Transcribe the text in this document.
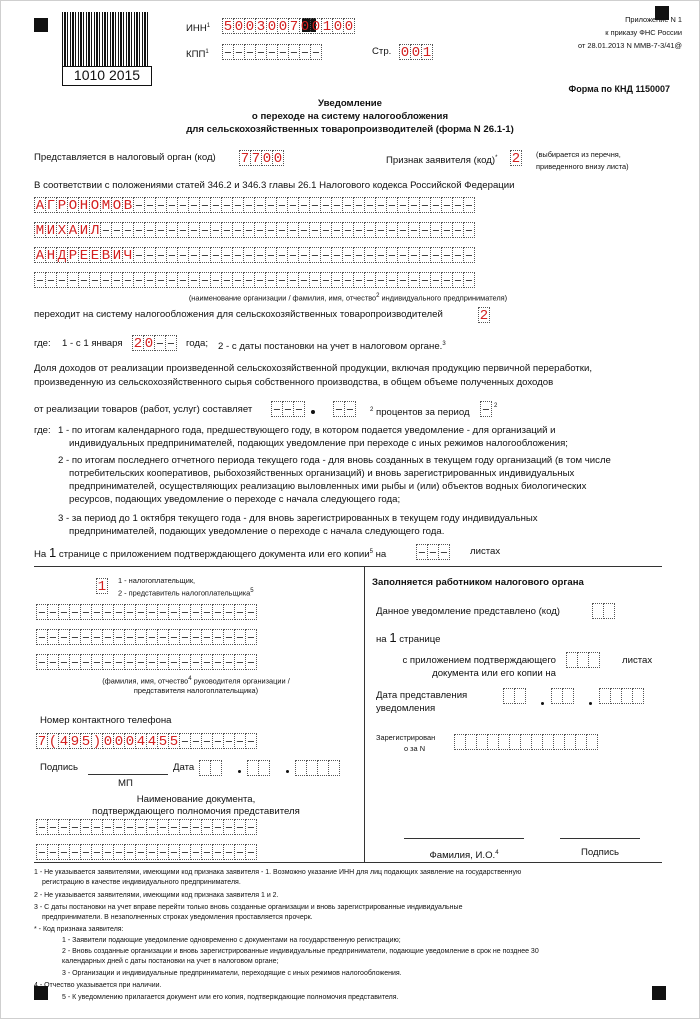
1010 2015
ИНН$^1$ 5 0 0 3 0 0 7 0 0 1 0 0
КПП$^1$ – – – – – – – – –	Стр. 0 0 1
Приложение N 1
к приказу ФНС России
от 28.01.2013 N ММВ-7-3/41@
Форма по КНД 1150007
Уведомление
о переходе на систему налогообложения
для сельскохозяйственных товаропроизводителей (форма N 26.1-1)
Представляется в налоговый орган (код) 7 7 0 0	Признак заявителя (код)* 2 (выбирается из перечня,
приведенного внизу листа)
В соответствии с положениями статей 346.2 и 346.3 главы 26.1 Налогового кодекса Российской Федерации
А Г Р О Н О М О В
–
–
–
–
–
–
–
–
–
–
–
–
–
–
–
–
–
–
–
–
–
–
–
–
–
–
–
–
–
–
–
М И Х А И Л
–
–
–
–
–
–
–
–
–
–
–
–
–
–
–
–
–
–
–
–
–
–
–
–
–
–
–
–
–
–
–
–
–
–
А Н Д Р Е Е В И Ч
–
–
–
–
–
–
–
–
–
–
–
–
–
–
–
–
–
–
–
–
–
–
–
–
–
–
–
–
–
–
–
–
–
–
–
–
–
–
–
–
–
–
–
–
–
–
–
–
–
–
–
–
–
–
–
–
–
–
–
–
–
–
–
–
–
–
–
–
–
–
–
(наименование организации / фамилия, имя, отчество$^2$ индивидуального предпринимателя)
переходит на систему налогообложения для сельскохозяйственных товаропроизводителей	2
где: 1 - с 1 января 2 0 – –	года; 2 - с даты постановки на учет в налоговом органе.$^3$
Доля доходов от реализации произведенной сельскохозяйственной продукции, включая продукцию первичной переработки,
произведенную из сельскохозяйственного сырья собственного производства, в общем объеме полученных доходов
от реализации товаров (работ, услуг) составляет – – – – –	$^2$ процентов за период
–
$^2$
где: 1 - по итогам календарного года, предшествующего году, в котором подается уведомление - для организаций и
индивидуальных предпринимателей, подающих уведомление при переходе с иных режимов налогообложения;
2 - по итогам последнего отчетного периода текущего года - для вновь созданных в текущем году организаций (в том числе
потребительских кооперативов, рыбохозяйственных организаций) и вновь зарегистрированных индивидуальных
предпринимателей, осуществляющих реализацию выловленных ими рыбы и (или) объектов водных биологических
ресурсов, подающих уведомление о переходе с начала следующего года;
3 - за период до 1 октября текущего года - для вновь зарегистрированных в текущем году индивидуальных
предпринимателей, подающих уведомление о переходе с начала следующего года.
На 1 странице с приложением подтверждающего документа или его копии$^5$ на – – –	листах
1 1 - налогоплательщик,
2 - представитель налогоплательщика$^5$
–
–
–
–
–
–
–
–
–
–
–
–
–
–
–
–
–
–
–
–
–
–
–
–
–
–
–
–
–
–
–
–
–
–
–
–
–
–
–
–
–
–
–
–
–
–
–
–
–
–
–
–
–
–
–
–
–
–
–
–
(фамилия, имя, отчество$^4$ руководителя организации /
представителя налогоплательщика)
Номер контактного телефона
7 ( 4 9 5 ) 0 0 0 4 4 5 5
–
–
–
–
–
–
–
Подпись	Дата
МП
Наименование документа,
подтверждающего полномочия представителя
–
–
–
–
–
–
–
–
–
–
–
–
–
–
–
–
–
–
–
–
–
–
–
–
–
–
–
–
–
–
–
–
–
–
–
–
–
–
–
–
Заполняется работником налогового органа
Данное уведомление представлено (код)
на 1 странице
с приложением подтверждающего
документа или его копии на
листах
Дата представления
уведомления
Зарегистрирован
о за N
Фамилия, И.О.$^4$	Подпись
1 - Не указывается заявителями, имеющими код признака заявителя - 1. Возможно указание ИНН для лиц подающих заявление на государственную
регистрацию в качестве индивидуального предпринимателя.
2 - Не указывается заявителями, имеющими код признака заявителя 1 и 2.
3 - С даты постановки на учет вправе перейти только вновь созданные организации и вновь зарегистрированные индивидуальные
предприниматели. В незаполненных строках уведомления проставляется прочерк.
* - Код признака заявителя:
1 - Заявители подающие уведомление одновременно с документами на государственную регистрацию;
2 - Вновь созданные организации и вновь зарегистрированные индивидуальные предприниматели, подающие уведомление в срок не позднее 30
календарных дней с даты постановки на учет в налоговом органе;
3 - Организации и индивидуальные предприниматели, переходящие с иных режимов налогообложения.
4 - Отчество указывается при наличии.
5 - К уведомлению прилагается документ или его копия, подтверждающие полномочия представителя.
